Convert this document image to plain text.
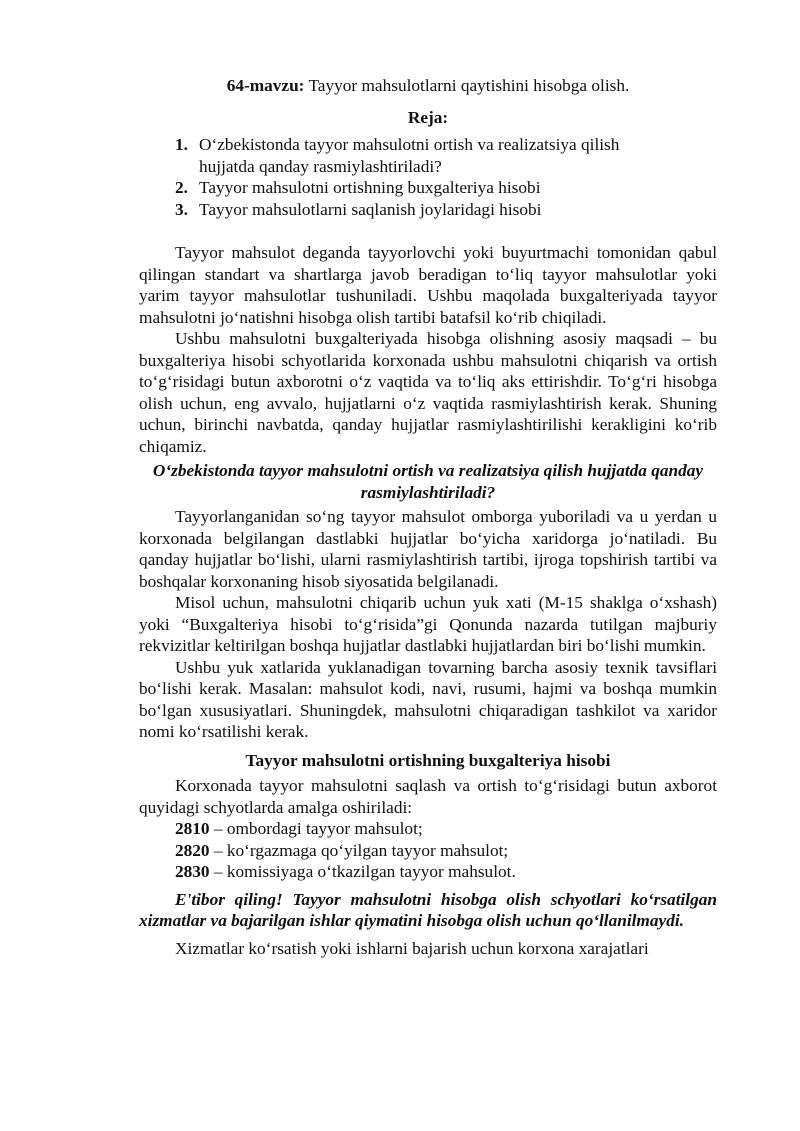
64-mavzu: Tayyor mahsulotlarni qaytishini hisobga olish.
Reja:
1. O‘zbekistonda tayyor mahsulotni ortish va realizatsiya qilish hujjatda qanday rasmiylashtiriladi?
2. Tayyor mahsulotni ortishning buxgalteriya hisobi
3. Tayyor mahsulotlarni saqlanish joylaridagi hisobi

Tayyor mahsulot deganda tayyorlovchi yoki buyurtmachi tomonidan qabul qilingan standart va shartlarga javob beradigan to‘liq tayyor mahsulotlar yoki yarim tayyor mahsulotlar tushuniladi. Ushbu maqolada buxgalteriyada tayyor mahsulotni jo‘natishni hisobga olish tartibi batafsil ko‘rib chiqiladi.

Ushbu mahsulotni buxgalteriyada hisobga olishning asosiy maqsadi – bu buxgalteriya hisobi schyotlarida korxonada ushbu mahsulotni chiqarish va ortish to‘g‘risidagi butun axborotni o‘z vaqtida va to‘liq aks ettirishdir. To‘g‘ri hisobga olish uchun, eng avvalo, hujjatlarni o‘z vaqtida rasmiylashtirish kerak. Shuning uchun, birinchi navbatda, qanday hujjatlar rasmiylashtirilishi kerakligini ko‘rib chiqamiz.

O‘zbekistonda tayyor mahsulotni ortish va realizatsiya qilish hujjatda qanday rasmiylashtiriladi?

Tayyorlanganidan so‘ng tayyor mahsulot omborga yuboriladi va u yerdan u korxonada belgilangan dastlabki hujjatlar bo‘yicha xaridorga jo‘natiladi. Bu qanday hujjatlar bo‘lishi, ularni rasmiylashtirish tartibi, ijroga topshirish tartibi va boshqalar korxonaning hisob siyosatida belgilanadi.

Misol uchun, mahsulotni chiqarib uchun yuk xati (M-15 shaklga o‘xshash) yoki “Buxgalteriya hisobi to‘g‘risida”gi Qonunda nazarda tutilgan majburiy rekvizitlar keltirilgan boshqa hujjatlar dastlabki hujjatlardan biri bo‘lishi mumkin.

Ushbu yuk xatlarida yuklanadigan tovarning barcha asosiy texnik tavsiflari bo‘lishi kerak. Masalan: mahsulot kodi, navi, rusumi, hajmi va boshqa mumkin bo‘lgan xususiyatlari. Shuningdek, mahsulotni chiqaradigan tashkilot va xaridor nomi ko‘rsatilishi kerak.

Tayyor mahsulotni ortishning buxgalteriya hisobi

Korxonada tayyor mahsulotni saqlash va ortish to‘g‘risidagi butun axborot quyidagi schyotlarda amalga oshiriladi:

2810 – ombordagi tayyor mahsulot;

2820 – ko‘rgazmaga qo‘yilgan tayyor mahsulot;

2830 – komissiyaga o‘tkazilgan tayyor mahsulot.

E'tibor qiling! Tayyor mahsulotni hisobga olish schyotlari ko‘rsatilgan xizmatlar va bajarilgan ishlar qiymatini hisobga olish uchun qo‘llanilmaydi.

Xizmatlar ko‘rsatish yoki ishlarni bajarish uchun korxona xarajatlari
